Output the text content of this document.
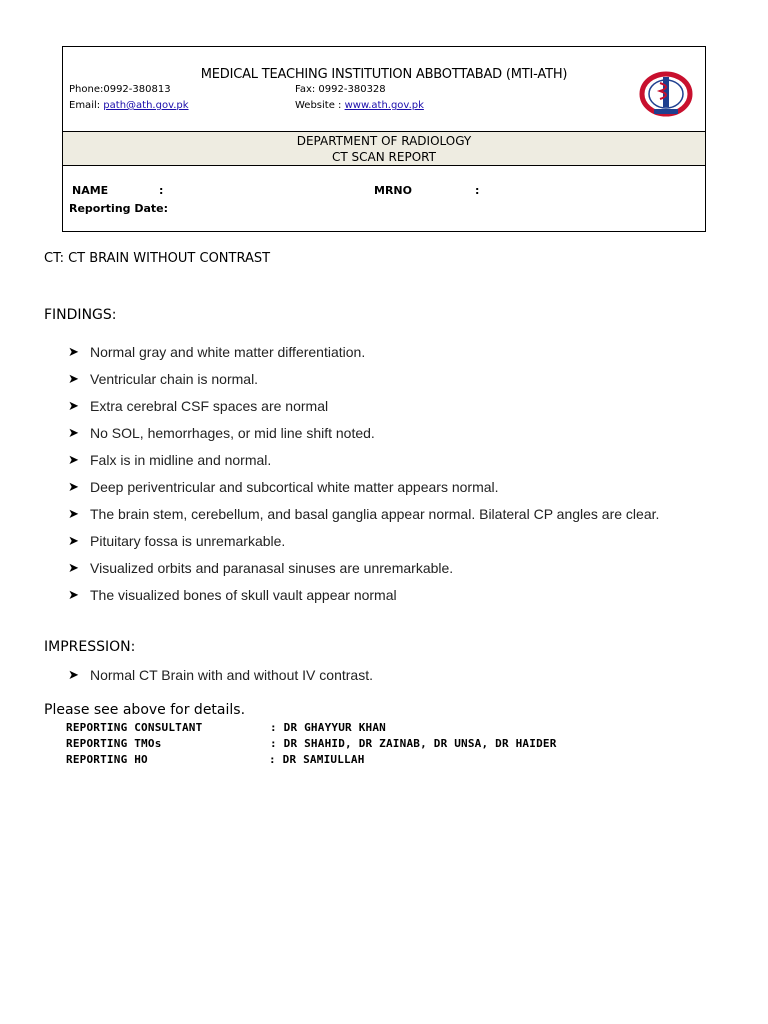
MEDICAL TEACHING INSTITUTION ABBOTTABAD (MTI-ATH)
Phone:0992-380813	Fax: 0992-380328
Email: path@ath.gov.pk	Website : www.ath.gov.pk
DEPARTMENT OF RADIOLOGY
CT SCAN REPORT
NAME	:	MRNO	:
Reporting Date:
CT: CT BRAIN WITHOUT CONTRAST
FINDINGS:
➤ Normal gray and white matter differentiation.
➤ Ventricular chain is normal.
➤ Extra cerebral CSF spaces are normal
➤ No SOL, hemorrhages, or mid line shift noted.
➤ Falx is in midline and normal.
➤ Deep periventricular and subcortical white matter appears normal.
➤ The brain stem, cerebellum, and basal ganglia appear normal. Bilateral CP angles are clear.
➤ Pituitary fossa is unremarkable.
➤ Visualized orbits and paranasal sinuses are unremarkable.
➤ The visualized bones of skull vault appear normal
IMPRESSION:
➤ Normal CT Brain with and without IV contrast.
Please see above for details.
REPORTING CONSULTANT	: DR GHAYYUR KHAN
REPORTING TMOs	: DR SHAHID, DR ZAINAB, DR UNSA, DR HAIDER
REPORTING HO	: DR SAMIULLAH
